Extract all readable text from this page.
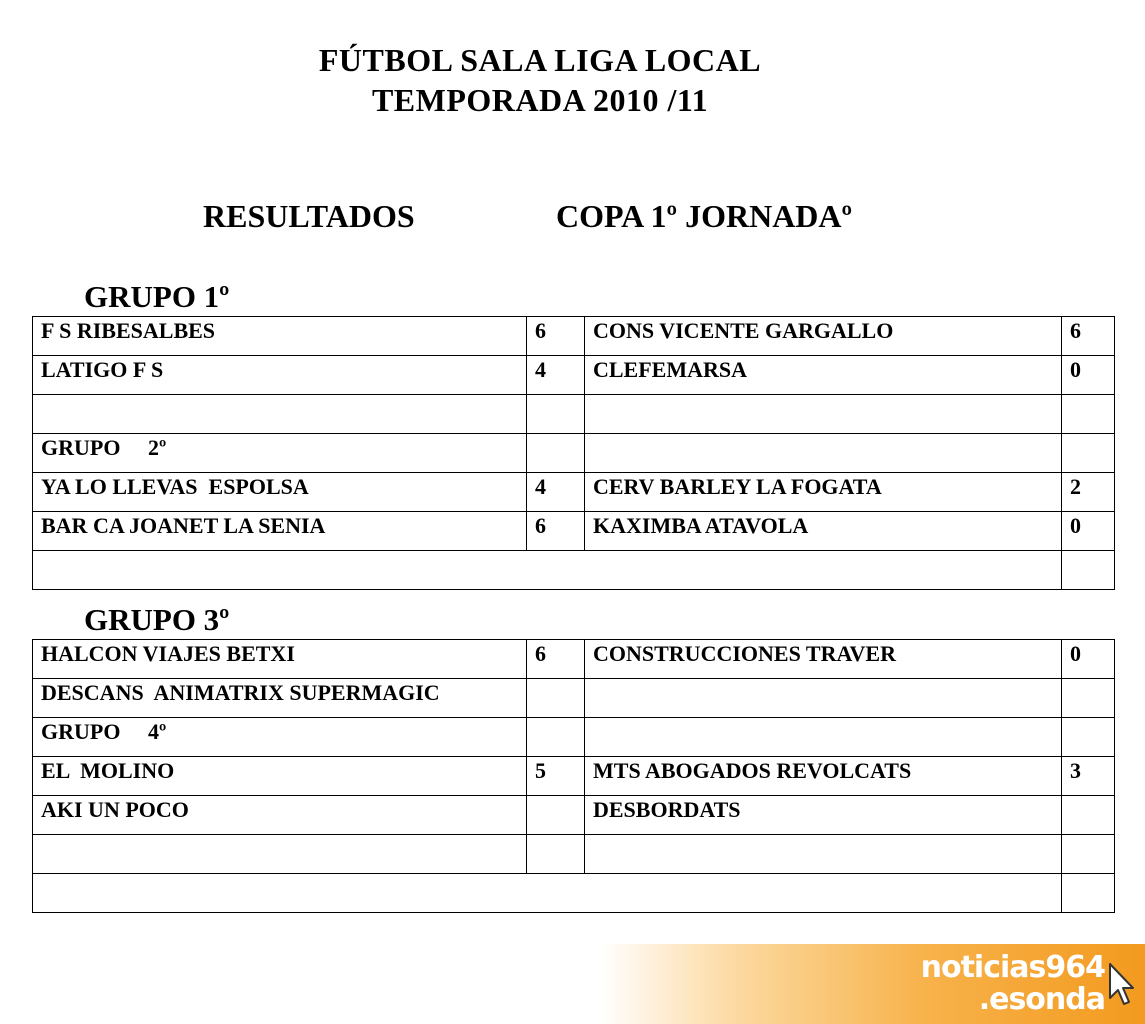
FÚTBOL SALA LIGA LOCAL
TEMPORADA 2010 /11
RESULTADOS	COPA 1º JORNADAº
GRUPO 1º
F S RIBESALBES	6	CONS VICENTE GARGALLO	6
LATIGO F S	4	CLEFEMARSA	0

GRUPO     2º			
YA LO LLEVAS  ESPOLSA	4	CERV BARLEY LA FOGATA	2
BAR CA JOANET LA SENIA	6	KAXIMBA ATAVOLA	0

GRUPO 3º
HALCON VIAJES BETXI	6	CONSTRUCCIONES TRAVER	0
DESCANS  ANIMATRIX SUPERMAGIC			
GRUPO     4º			
EL  MOLINO	5	MTS ABOGADOS REVOLCATS	3
AKI UN POCO		DESBORDATS	

noticias964
.esonda
